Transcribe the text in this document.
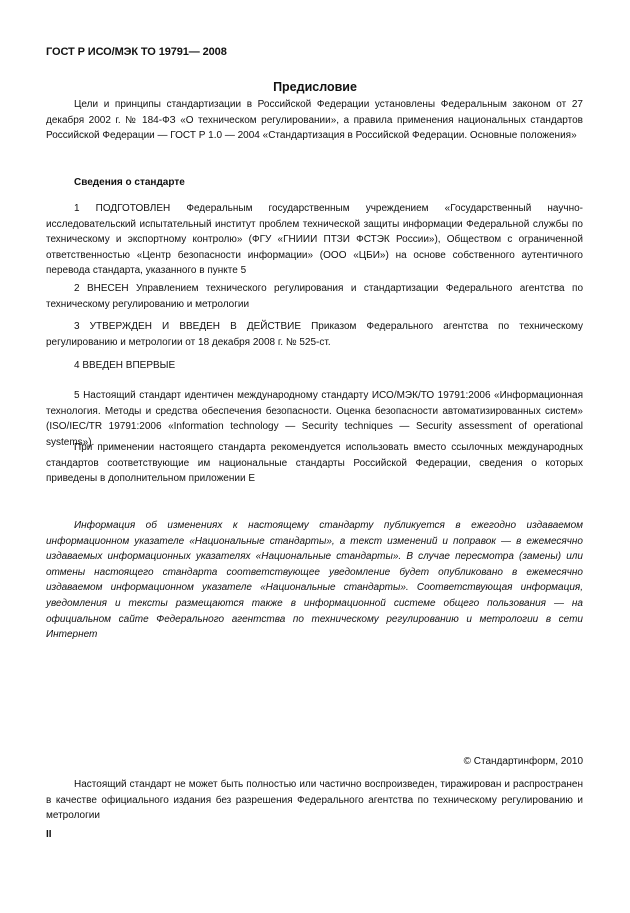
ГОСТ Р ИСО/МЭК ТО 19791— 2008
Предисловие

Цели и принципы стандартизации в Российской Федерации установлены Федеральным законом от 27 декабря 2002 г. № 184-ФЗ «О техническом регулировании», а правила применения национальных стандартов Российской Федерации — ГОСТ Р 1.0 — 2004 «Стандартизация в Российской Федерации. Основные положения»

Сведения о стандарте

1 ПОДГОТОВЛЕН Федеральным государственным учреждением «Государственный научно-исследовательский испытательный институт проблем технической защиты информации Федеральной службы по техническому и экспортному контролю» (ФГУ «ГНИИИ ПТЗИ ФСТЭК России»), Обществом с ограниченной ответственностью «Центр безопасности информации» (ООО «ЦБИ») на основе собственного аутентичного перевода стандарта, указанного в пункте 5

2 ВНЕСЕН Управлением технического регулирования и стандартизации Федерального агентства по техническому регулированию и метрологии

3 УТВЕРЖДЕН И ВВЕДЕН В ДЕЙСТВИЕ Приказом Федерального агентства по техническому регулированию и метрологии от 18 декабря 2008 г. № 525-ст.

4 ВВЕДЕН ВПЕРВЫЕ

5 Настоящий стандарт идентичен международному стандарту ИСО/МЭК/ТО 19791:2006 «Информационная технология. Методы и средства обеспечения безопасности. Оценка безопасности автоматизированных систем» (ISO/IEC/TR 19791:2006 «Information technology — Security techniques — Security assessment of operational systems»).

При применении настоящего стандарта рекомендуется использовать вместо ссылочных международных стандартов соответствующие им национальные стандарты Российской Федерации, сведения о которых приведены в дополнительном приложении Е

Информация об изменениях к настоящему стандарту публикуется в ежегодно издаваемом информационном указателе «Национальные стандарты», а текст изменений и поправок — в ежемесячно издаваемых информационных указателях «Национальные стандарты». В случае пересмотра (замены) или отмены настоящего стандарта соответствующее уведомление будет опубликовано в ежемесячно издаваемом информационном указателе «Национальные стандарты». Соответствующая информация, уведомления и тексты размещаются также в информационной системе общего пользования — на официальном сайте Федерального агентства по техническому регулированию и метрологии в сети Интернет

© Стандартинформ, 2010

Настоящий стандарт не может быть полностью или частично воспроизведен, тиражирован и распространен в качестве официального издания без разрешения Федерального агентства по техническому регулированию и метрологии

II
